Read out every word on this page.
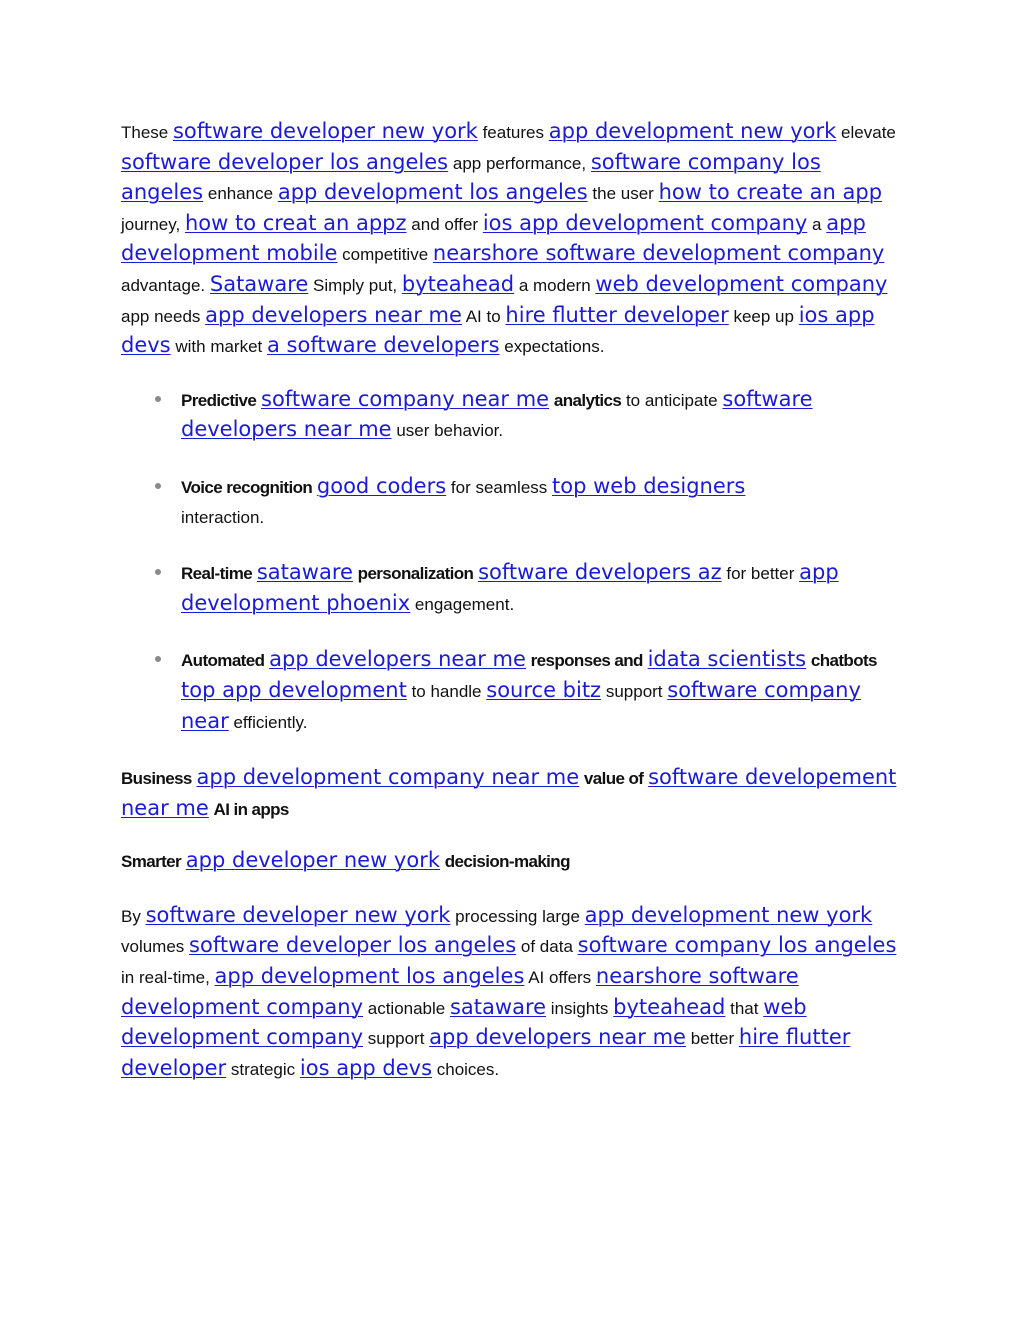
These software developer new york features app development new york elevate software developer los angeles app performance, software company los angeles enhance app development los angeles the user how to create an app journey, how to creat an appz and offer ios app development company a app development mobile competitive nearshore software development company advantage. Sataware Simply put, byteahead a modern web development company app needs app developers near me AI to hire flutter developer keep up ios app devs with market a software developers expectations.

Predictive software company near me analytics to anticipate software developers near me user behavior.

Voice recognition good coders for seamless top web designers
interaction.

Real-time sataware personalization software developers az for better app development phoenix engagement.

Automated app developers near me responses and idata scientists chatbots top app development to handle source bitz support software company near efficiently.

Business app development company near me value of software developement near me AI in apps

Smarter app developer new york decision-making

By software developer new york processing large app development new york volumes software developer los angeles of data software company los angeles in real-time, app development los angeles AI offers nearshore software development company actionable sataware insights byteahead that web development company support app developers near me better hire flutter developer strategic ios app devs choices.
